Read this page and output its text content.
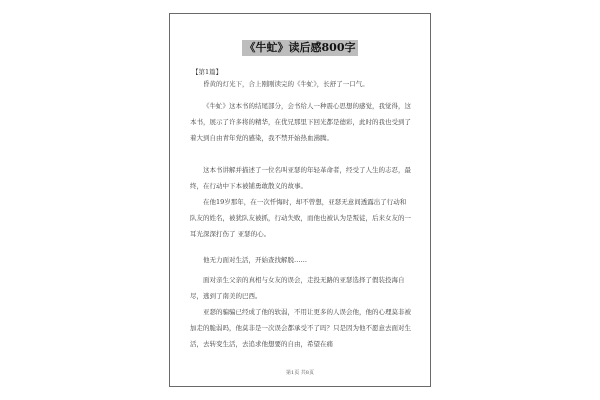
《牛虻》读后感800字
【第1篇】

昏黄的灯光下，合上刚刚读完的《牛虻》，长舒了一口气。

《牛虻》这本书的结尾部分，会书给人一种震心思想的感觉，我觉得，这本书，展示了许多将的精华，在优兄那里下回光都是德彩，此时的我也受到了着大到自由青年党的感染，我不禁开始热血沸腾。

这本书讲解并描述了一位名叫亚瑟的年轻革命者，经受了人生的志忍，最终，在行动中下本被铺勇敢散义的故事。

在他19岁那年，在一次忏悔时，却不曾想，亚瑟无意间透露出了行动和队友的姓名，被犹队友被抓，行动失败，而他也被认为是叛徒，后来女友的一耳光深深打伤了 亚瑟的心。

他无力面对生活，开始查找解脱……

面对亲生父亲的真相与女友的误会，走投无路的亚瑟选择了假装投海自尽，逃到了南美的巴西。

亚瑟的骗骗已经成了他的软弱，不用让更多的人误会他，他的心理莫非被加走的脆弱吗，他莫非是一次误会都承受不了吗？只是因为他不愿意去面对生活，去转变生活，去追求他想要的自由，希望在痛

第1页 共8页
